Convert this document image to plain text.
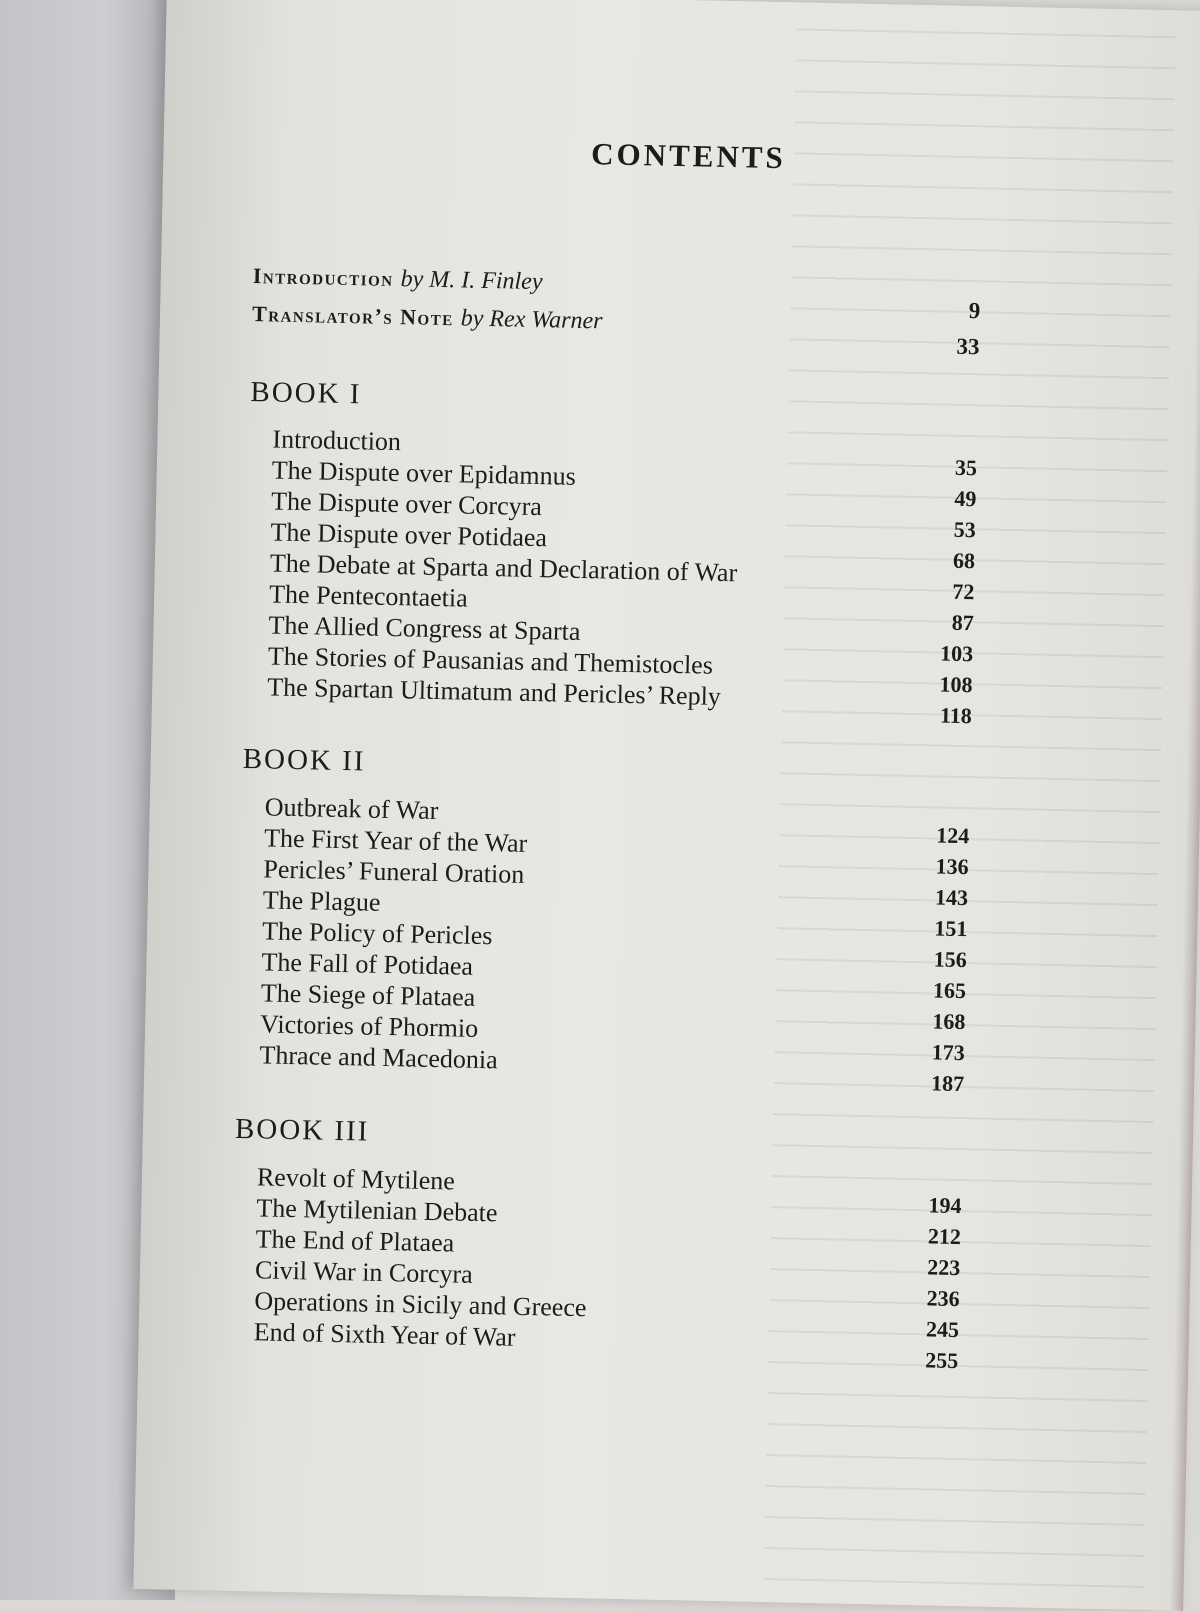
CONTENTS
Introduction by M. I. Finley
9
Translator’s Note by Rex Warner
33
BOOK I
Introduction
35
The Dispute over Epidamnus
49
The Dispute over Corcyra
53
The Dispute over Potidaea
68
The Debate at Sparta and Declaration of War
72
The Pentecontaetia
87
The Allied Congress at Sparta
103
The Stories of Pausanias and Themistocles
108
The Spartan Ultimatum and Pericles’ Reply
118
BOOK II
Outbreak of War
124
The First Year of the War
136
Pericles’ Funeral Oration
143
The Plague
151
The Policy of Pericles
156
The Fall of Potidaea
165
The Siege of Plataea
168
Victories of Phormio
173
Thrace and Macedonia
187
BOOK III
Revolt of Mytilene
194
The Mytilenian Debate
212
The End of Plataea
223
Civil War in Corcyra
236
Operations in Sicily and Greece
245
End of Sixth Year of War
255
